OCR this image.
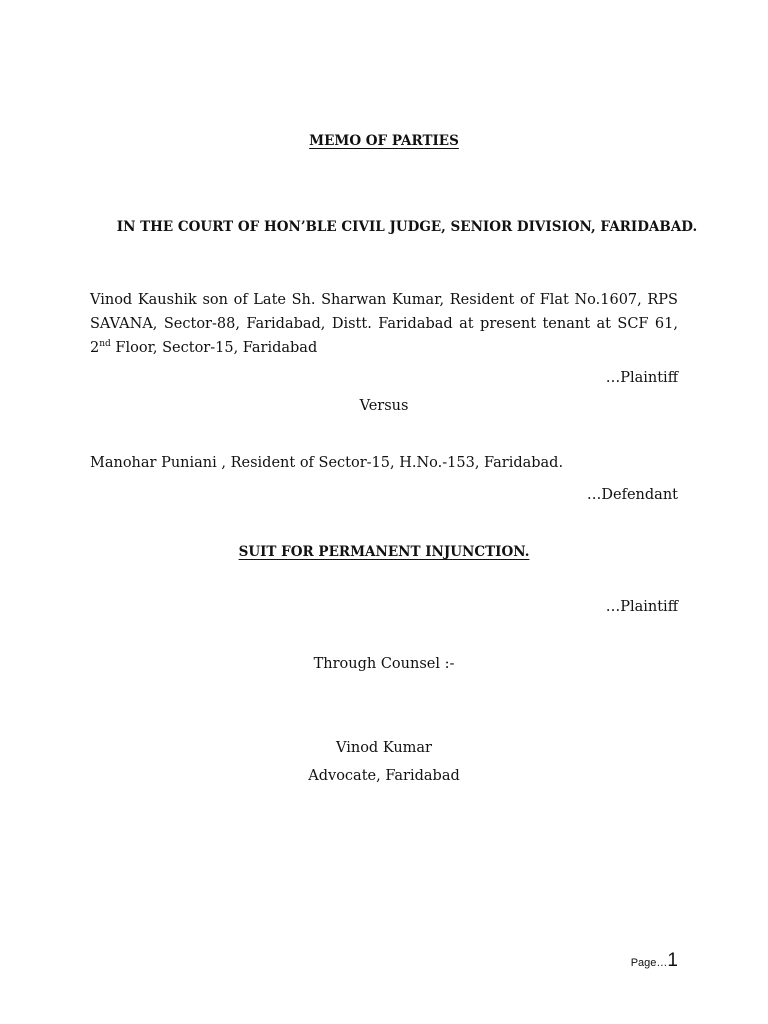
MEMO OF PARTIES
IN THE COURT OF HON’BLE CIVIL JUDGE, SENIOR DIVISION, FARIDABAD.
Vinod Kaushik son of Late Sh. Sharwan Kumar, Resident of Flat No.1607, RPS SAVANA, Sector-88, Faridabad, Distt. Faridabad at present tenant at SCF 61, 2nd Floor, Sector-15, Faridabad
…Plaintiff
Versus
Manohar Puniani , Resident of Sector-15, H.No.-153, Faridabad.
…Defendant
SUIT FOR PERMANENT INJUNCTION.
…Plaintiff
Through Counsel :-
Vinod Kumar
Advocate, Faridabad
Page…1
